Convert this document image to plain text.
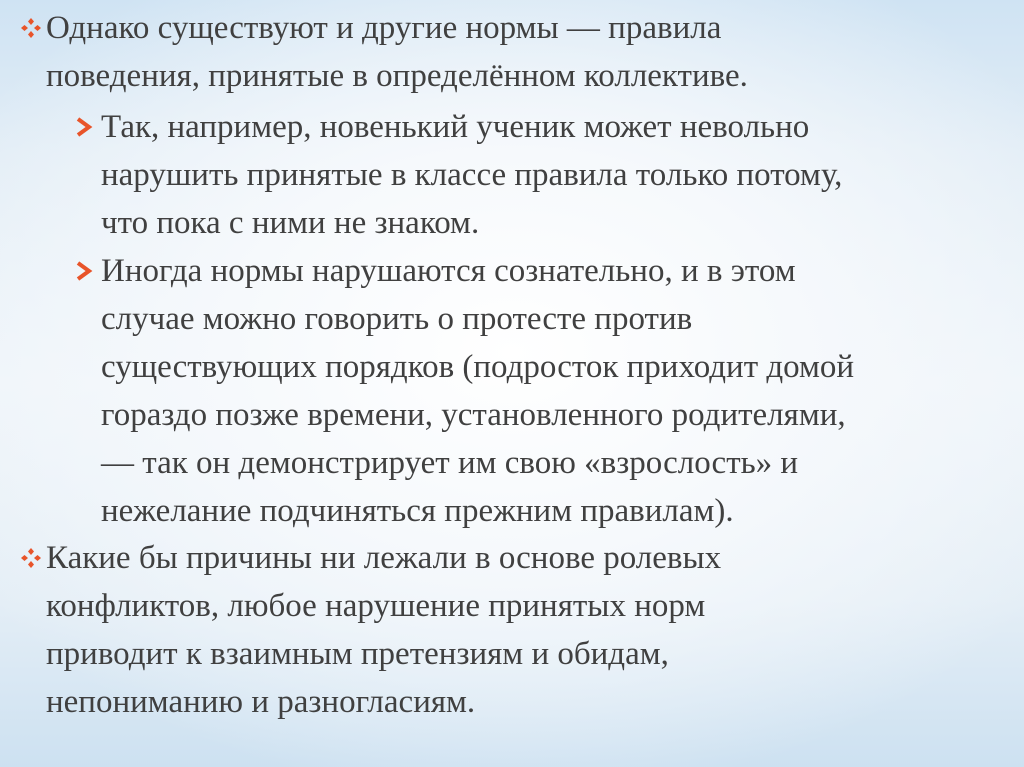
Однако существуют и другие нормы — правила
поведения, принятые в определённом коллективе.
Так, например, новенький ученик может невольно
нарушить принятые в классе правила только потому,
что пока с ними не знаком.
Иногда нормы нарушаются сознательно, и в этом
случае можно говорить о протесте против
существующих порядков (подросток приходит домой
гораздо позже времени, установленного родителями,
— так он демонстрирует им свою «взрослость» и
нежелание подчиняться прежним правилам).
Какие бы причины ни лежали в основе ролевых
конфликтов, любое нарушение принятых норм
приводит к взаимным претензиям и обидам,
непониманию и разногласиям.
